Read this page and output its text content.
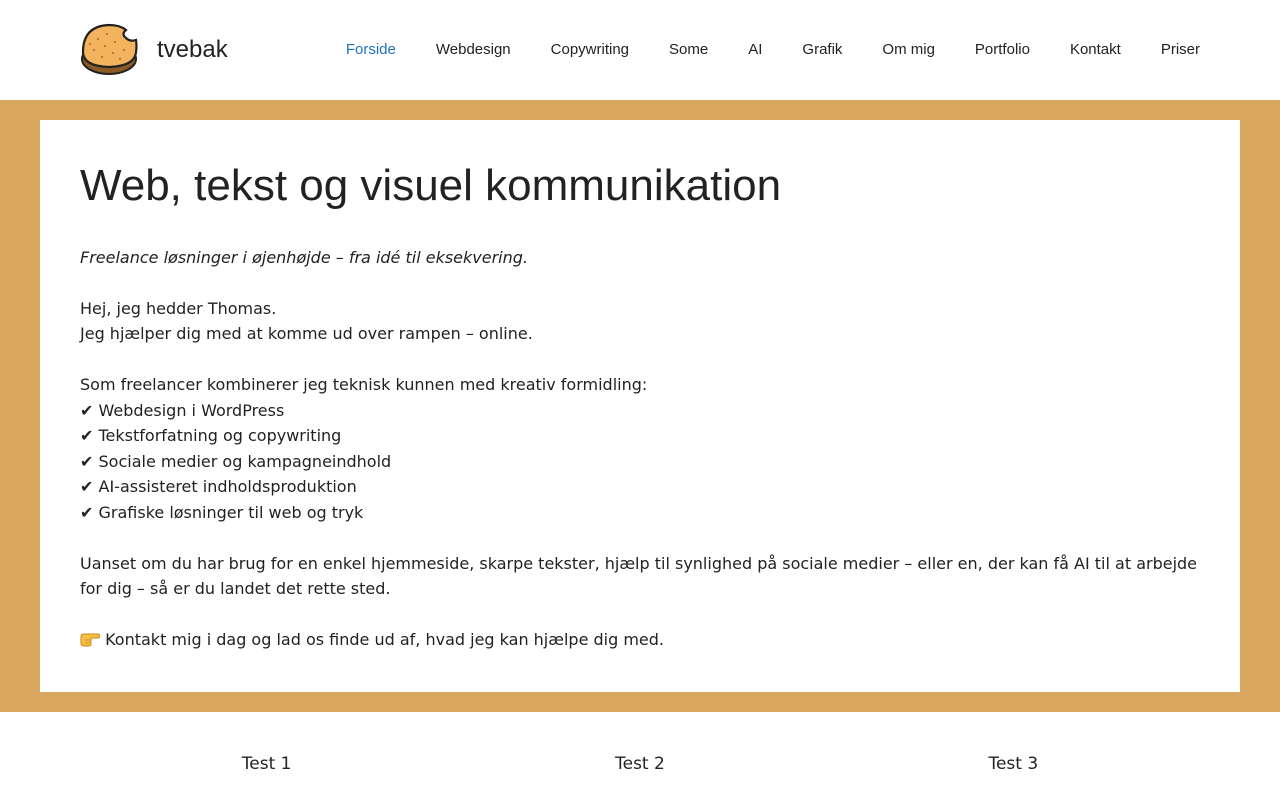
tvebak	Forside	Webdesign	Copywriting	Some	AI	Grafik	Om mig	Portfolio	Kontakt	Priser
Web, tekst og visuel kommunikation

Freelance løsninger i øjenhøjde – fra idé til eksekvering.

Hej, jeg hedder Thomas.
Jeg hjælper dig med at komme ud over rampen – online.

Som freelancer kombinerer jeg teknisk kunnen med kreativ formidling:
✔ Webdesign i WordPress
✔ Tekstforfatning og copywriting
✔ Sociale medier og kampagneindhold
✔ AI-assisteret indholdsproduktion
✔ Grafiske løsninger til web og tryk

Uanset om du har brug for en enkel hjemmeside, skarpe tekster, hjælp til synlighed på sociale medier – eller en, der kan få AI til at arbejde for dig – så er du landet det rette sted.

Kontakt mig i dag og lad os finde ud af, hvad jeg kan hjælpe dig med.

Test 1	Test 2	Test 3
